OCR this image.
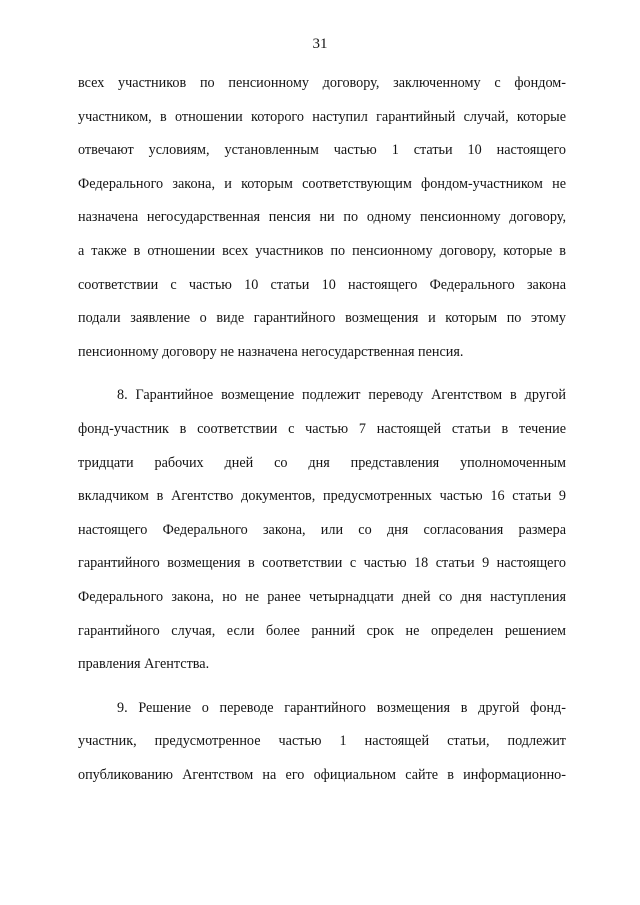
31
всех участников по пенсионному договору, заключенному с фондом-
участником, в отношении которого наступил гарантийный случай, которые
отвечают условиям, установленным частью 1 статьи 10 настоящего
Федерального закона, и которым соответствующим фондом-участником не
назначена негосударственная пенсия ни по одному пенсионному договору,
а также в отношении всех участников по пенсионному договору, которые в
соответствии с частью 10 статьи 10 настоящего Федерального закона
подали заявление о виде гарантийного возмещения и которым по этому
пенсионному договору не назначена негосударственная пенсия.
8. Гарантийное возмещение подлежит переводу Агентством в другой
фонд-участник в соответствии с частью 7 настоящей статьи в течение
тридцати рабочих дней со дня представления уполномоченным
вкладчиком в Агентство документов, предусмотренных частью 16 статьи 9
настоящего Федерального закона, или со дня согласования размера
гарантийного возмещения в соответствии с частью 18 статьи 9 настоящего
Федерального закона, но не ранее четырнадцати дней со дня наступления
гарантийного случая, если более ранний срок не определен решением
правления Агентства.
9. Решение о переводе гарантийного возмещения в другой фонд-
участник, предусмотренное частью 1 настоящей статьи, подлежит
опубликованию Агентством на его официальном сайте в информационно-
